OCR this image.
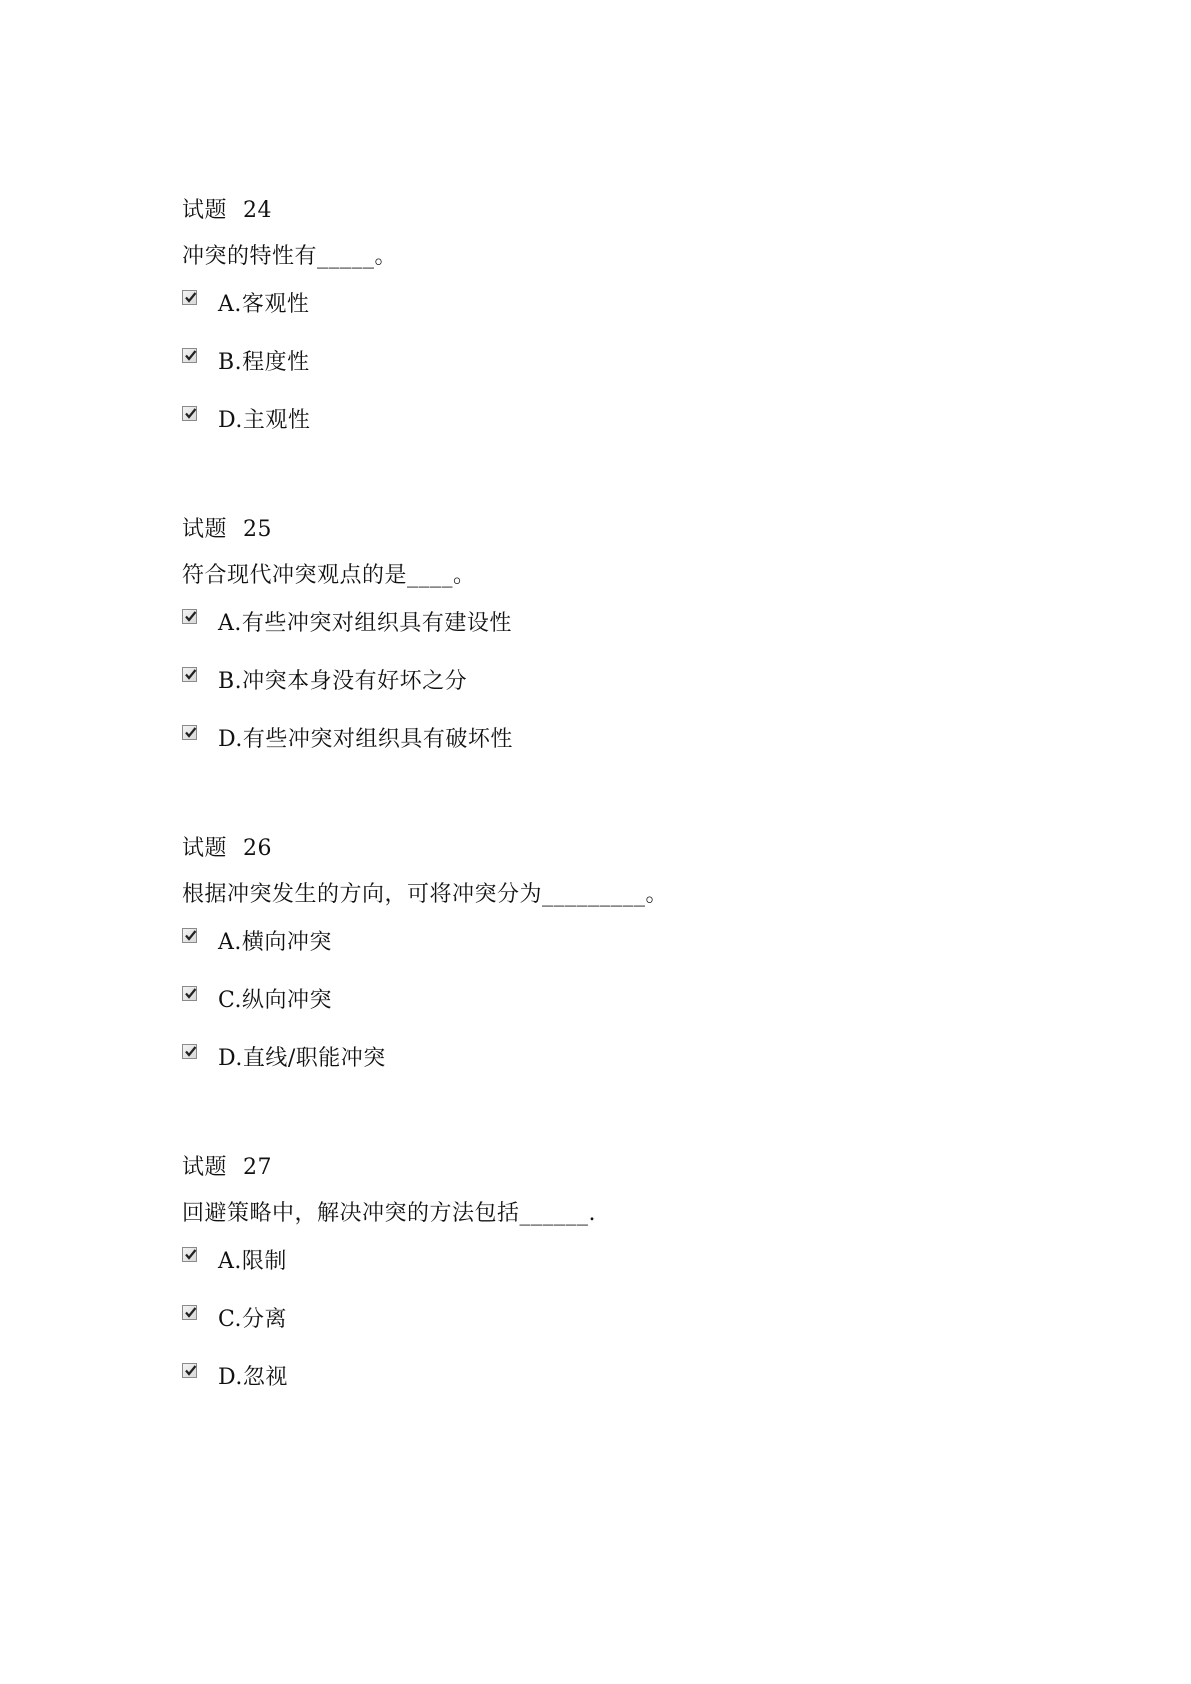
试题 24
冲突的特性有_____。
A.客观性
B.程度性
D.主观性
试题 25
符合现代冲突观点的是____。
A.有些冲突对组织具有建设性
B.冲突本身没有好坏之分
D.有些冲突对组织具有破坏性
试题 26
根据冲突发生的方向，可将冲突分为_________。
A.横向冲突
C.纵向冲突
D.直线/职能冲突
试题 27
回避策略中，解决冲突的方法包括______.
A.限制
C.分离
D.忽视
